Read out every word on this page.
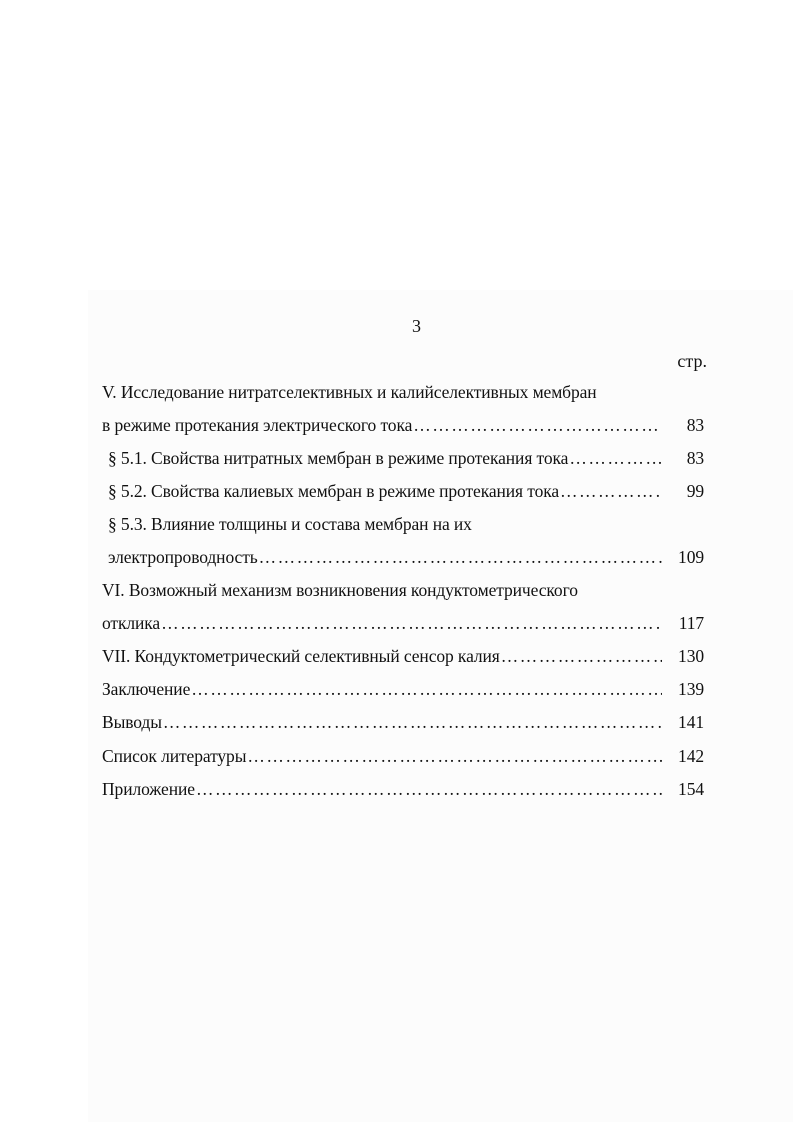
3
стр.
V. Исследование нитратселективных и калийселективных мембран
в режиме протекания электрического тока ……………………………………………………………………………………………………………………………………	83
§ 5.1. Свойства нитратных мембран в режиме протекания тока ……………………………………………………………………………………………………………………………………	83
§ 5.2. Свойства калиевых мембран в режиме протекания тока ……………………………………………………………………………………………………………………………………	99
§ 5.3. Влияние толщины и состава мембран на их
электропроводность ……………………………………………………………………………………………………………………………………	109
VI. Возможный механизм возникновения кондуктометрического
отклика ……………………………………………………………………………………………………………………………………	117
VII. Кондуктометрический селективный сенсор калия ……………………………………………………………………………………………………………………………………	130
Заключение ……………………………………………………………………………………………………………………………………	139
Выводы ……………………………………………………………………………………………………………………………………	141
Список литературы ……………………………………………………………………………………………………………………………………	142
Приложение ……………………………………………………………………………………………………………………………………	154
